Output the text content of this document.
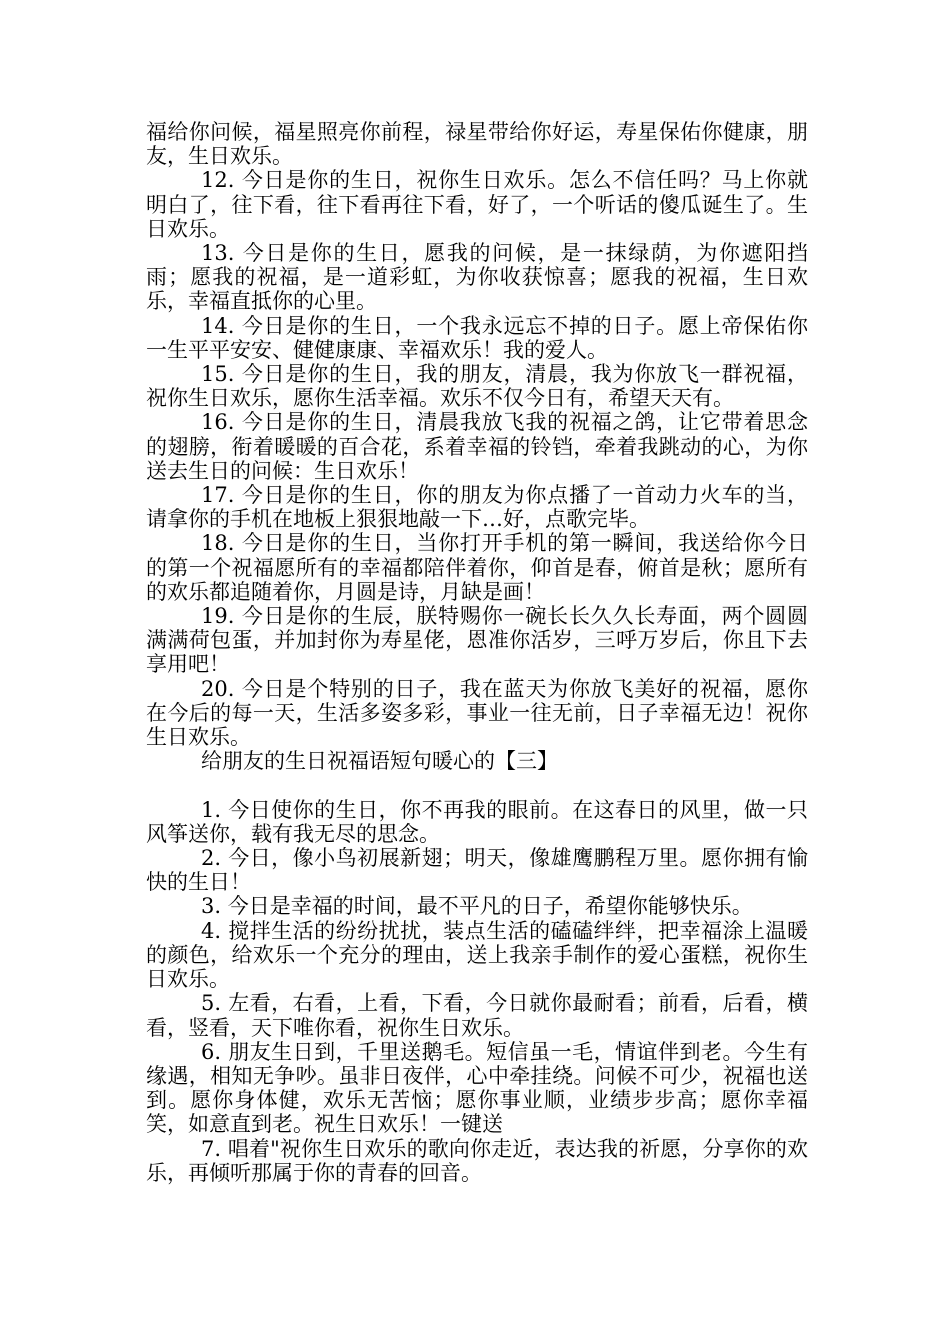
福给你问候，福星照亮你前程，禄星带给你好运，寿星保佑你健康，朋友，生日欢乐。

12. 今日是你的生日，祝你生日欢乐。怎么不信任吗？马上你就明白了，往下看，往下看再往下看，好了，一个听话的傻瓜诞生了。生日欢乐。

13. 今日是你的生日，愿我的问候，是一抹绿荫，为你遮阳挡雨；愿我的祝福，是一道彩虹，为你收获惊喜；愿我的祝福，生日欢乐，幸福直抵你的心里。

14. 今日是你的生日，一个我永远忘不掉的日子。愿上帝保佑你一生平平安安、健健康康、幸福欢乐！我的爱人。

15. 今日是你的生日，我的朋友，清晨，我为你放飞一群祝福，祝你生日欢乐，愿你生活幸福。欢乐不仅今日有，希望天天有。

16. 今日是你的生日，清晨我放飞我的祝福之鸽，让它带着思念的翅膀，衔着暖暖的百合花，系着幸福的铃铛，牵着我跳动的心，为你送去生日的问候：生日欢乐！

17. 今日是你的生日，你的朋友为你点播了一首动力火车的当，请拿你的手机在地板上狠狠地敲一下…好，点歌完毕。

18. 今日是你的生日，当你打开手机的第一瞬间，我送给你今日的第一个祝福愿所有的幸福都陪伴着你，仰首是春，俯首是秋；愿所有的欢乐都追随着你，月圆是诗，月缺是画！

19. 今日是你的生辰，朕特赐你一碗长长久久长寿面，两个圆圆满满荷包蛋，并加封你为寿星佬，恩准你活岁，三呼万岁后，你且下去享用吧！

20. 今日是个特别的日子，我在蓝天为你放飞美好的祝福，愿你在今后的每一天，生活多姿多彩，事业一往无前，日子幸福无边！祝你生日欢乐。

给朋友的生日祝福语短句暖心的【三】

1. 今日使你的生日，你不再我的眼前。在这春日的风里，做一只风筝送你，载有我无尽的思念。

2. 今日，像小鸟初展新翅；明天，像雄鹰鹏程万里。愿你拥有愉快的生日！

3. 今日是幸福的时间，最不平凡的日子，希望你能够快乐。

4. 搅拌生活的纷纷扰扰，装点生活的磕磕绊绊，把幸福涂上温暖的颜色，给欢乐一个充分的理由，送上我亲手制作的爱心蛋糕，祝你生日欢乐。

5. 左看，右看，上看，下看，今日就你最耐看；前看，后看，横看，竖看，天下唯你看，祝你生日欢乐。

6. 朋友生日到，千里送鹅毛。短信虽一毛，情谊伴到老。今生有缘遇，相知无争吵。虽非日夜伴，心中牵挂绕。问候不可少，祝福也送到。愿你身体健，欢乐无苦恼；愿你事业顺，业绩步步高；愿你幸福笑，如意直到老。祝生日欢乐！一键送

7. 唱着"祝你生日欢乐的歌向你走近，表达我的祈愿，分享你的欢乐，再倾听那属于你的青春的回音。
